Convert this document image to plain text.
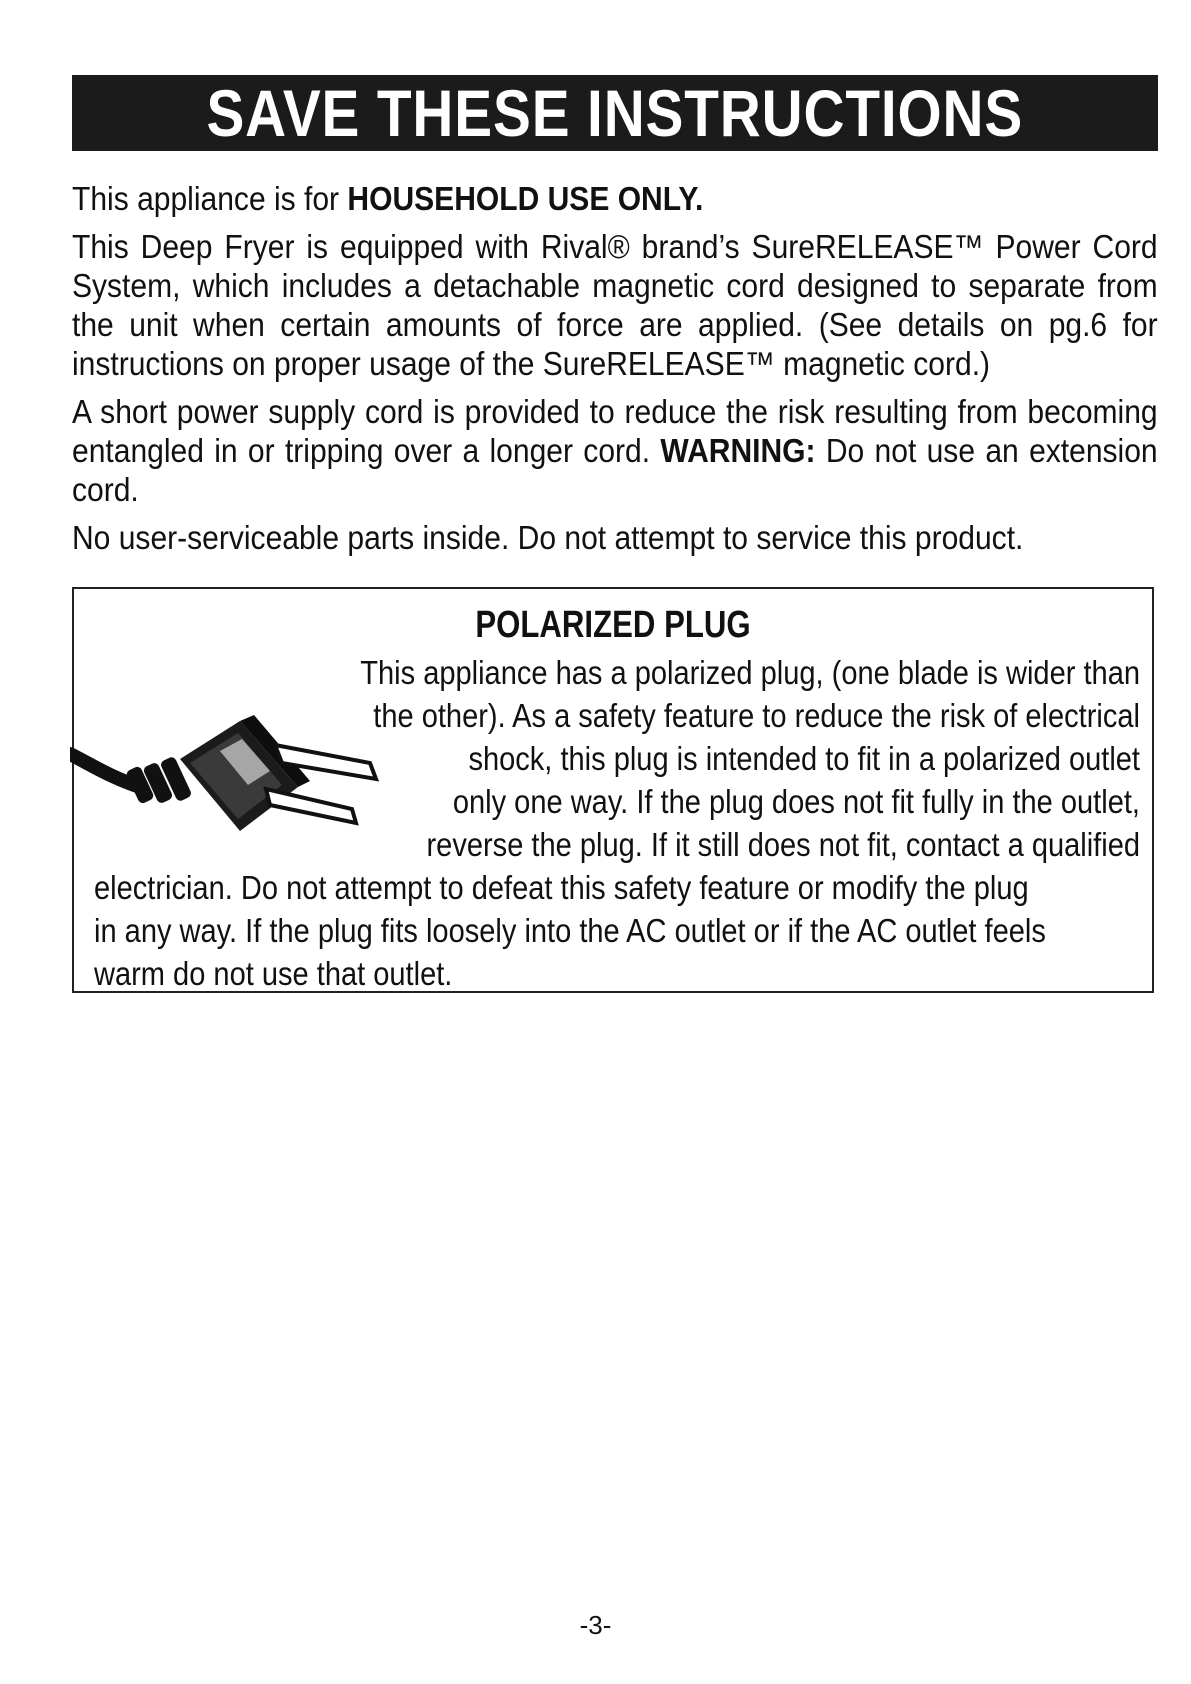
SAVE THESE INSTRUCTIONS

This appliance is for HOUSEHOLD USE ONLY.

This Deep Fryer is equipped with Rival® brand’s SureRELEASE™ Power Cord System, which includes a detachable magnetic cord designed to separate from the unit when certain amounts of force are applied. (See details on pg.6 for instructions on proper usage of the SureRELEASE™ magnetic cord.)

A short power supply cord is provided to reduce the risk resulting from becoming entangled in or tripping over a longer cord. WARNING: Do not use an extension cord.

No user-serviceable parts inside. Do not attempt to service this product.

POLARIZED PLUG
This appliance has a polarized plug, (one blade is wider than
the other). As a safety feature to reduce the risk of electrical
shock, this plug is intended to fit in a polarized outlet
only one way. If the plug does not fit fully in the outlet,
reverse the plug. If it still does not fit, contact a qualified
electrician. Do not attempt to defeat this safety feature or modify the plug
in any way. If the plug fits loosely into the AC outlet or if the AC outlet feels
warm do not use that outlet.
-3-
